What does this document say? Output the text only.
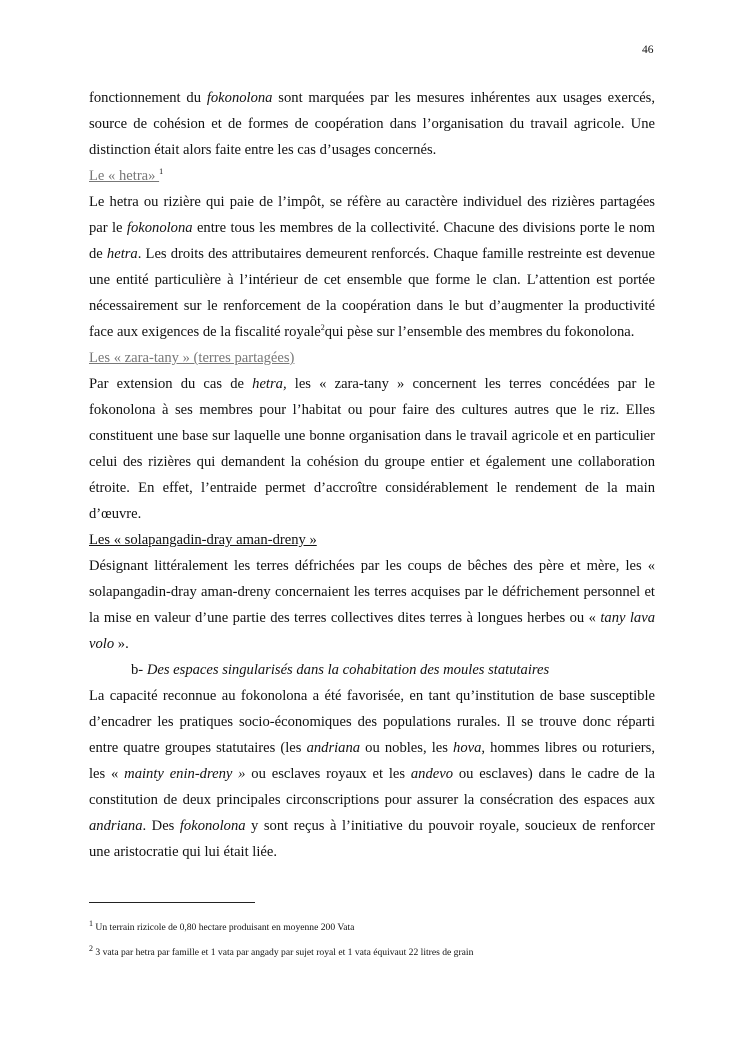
46

fonctionnement du fokonolona sont marquées par les mesures inhérentes aux usages exercés, source de cohésion et de formes de coopération dans l’organisation du travail agricole. Une distinction était alors faite entre les cas d’usages concernés.

Le « hetra» $^1$

Le hetra ou rizière qui paie de l’impôt, se réfère au caractère individuel des rizières partagées par le fokonolona entre tous les membres de la collectivité. Chacune des divisions porte le nom de hetra. Les droits des attributaires demeurent renforcés. Chaque famille restreinte est devenue une entité particulière à l’intérieur de cet ensemble que forme le clan. L’attention est portée nécessairement sur le renforcement de la coopération dans le but d’augmenter la productivité face aux exigences de la fiscalité royale$^2$qui pèse sur l’ensemble des membres du fokonolona.

Les « zara-tany » (terres partagées)

Par extension du cas de hetra, les « zara-tany » concernent les terres concédées par le fokonolona à ses membres pour l’habitat ou pour faire des cultures autres que le riz. Elles constituent une base sur laquelle une bonne organisation dans le travail agricole et en particulier celui des rizières qui demandent la cohésion du groupe entier et également une collaboration étroite. En effet, l’entraide permet d’accroître considérablement le rendement de la main d’œuvre.

Les « solapangadin-dray aman-dreny »

Désignant littéralement les terres défrichées par les coups de bêches des père et mère, les « solapangadin-dray aman-dreny concernaient les terres acquises par le défrichement personnel et la mise en valeur d’une partie des terres collectives dites terres à longues herbes ou « tany lava volo ».

b- Des espaces singularisés dans la cohabitation des moules statutaires

La capacité reconnue au fokonolona a été favorisée, en tant qu’institution de base susceptible d’encadrer les pratiques socio-économiques des populations rurales. Il se trouve donc réparti entre quatre groupes statutaires (les andriana ou nobles, les hova, hommes libres ou roturiers, les « mainty enin-dreny » ou esclaves royaux et les andevo ou esclaves) dans le cadre de la constitution de deux principales circonscriptions pour assurer la consécration des espaces aux andriana. Des fokonolona y sont reçus à l’initiative du pouvoir royale, soucieux de renforcer une aristocratie qui lui était liée.

$^1$ Un terrain rizicole de 0,80 hectare produisant en moyenne 200 Vata

$^2$ 3 vata par hetra par famille et 1 vata par angady par sujet royal et 1 vata équivaut 22 litres de grain
